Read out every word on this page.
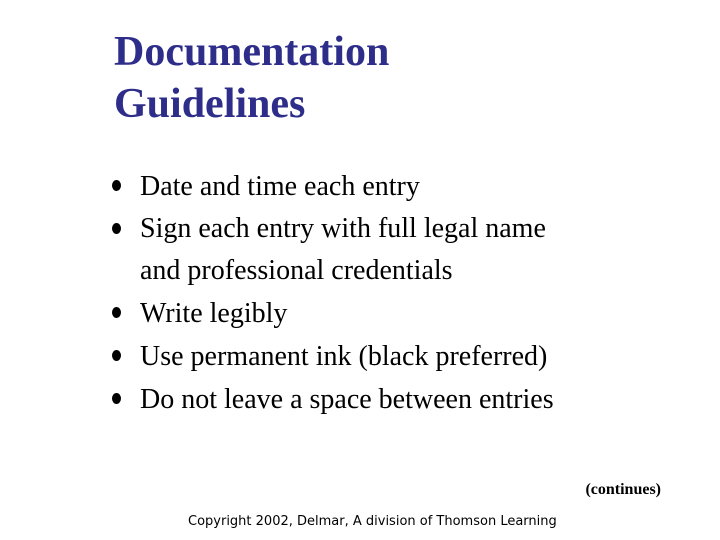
Documentation
Guidelines
Date and time each entry
Sign each entry with full legal name
and professional credentials
Write legibly
Use permanent ink (black preferred)
Do not leave a space between entries
(continues)
Copyright 2002, Delmar, A division of Thomson Learning
